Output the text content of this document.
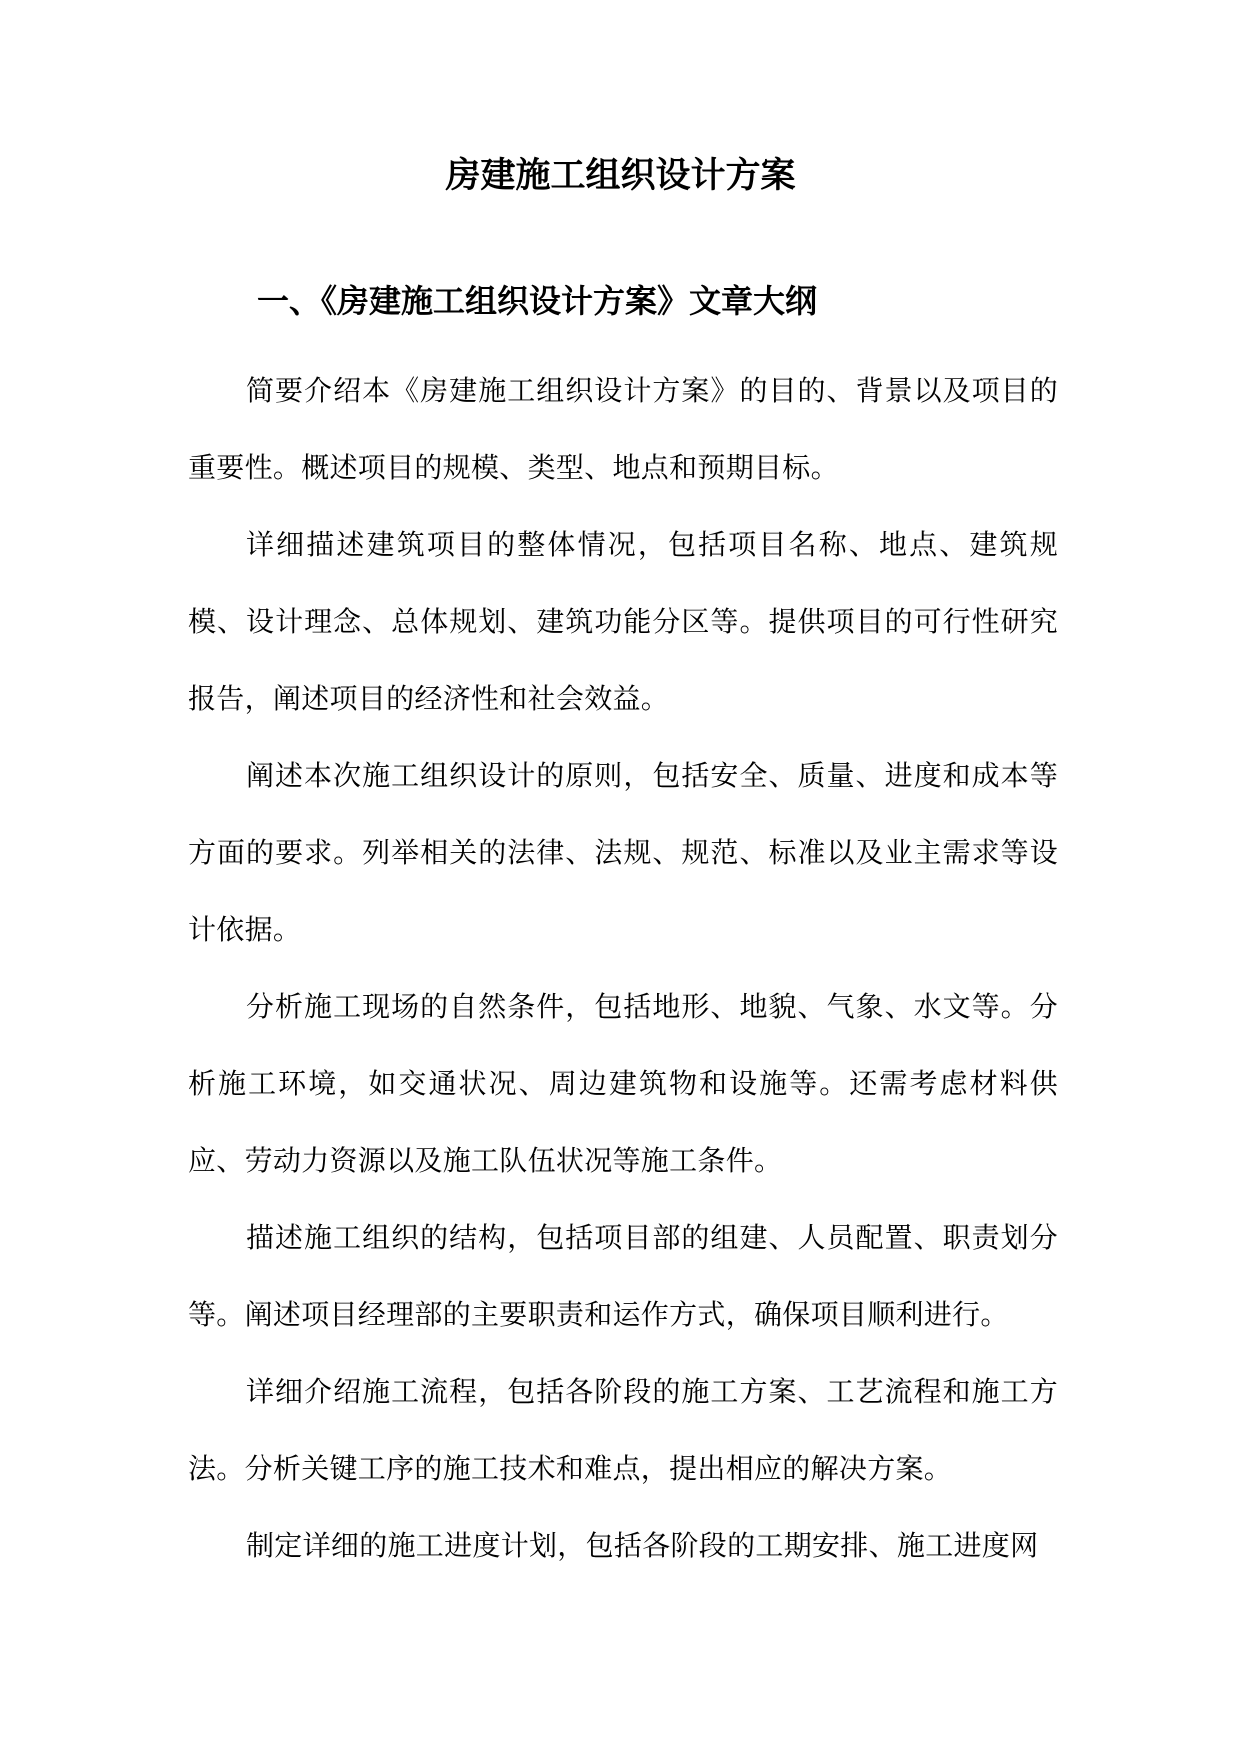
房建施工组织设计方案
一、《房建施工组织设计方案》文章大纲

简要介绍本《房建施工组织设计方案》的目的、背景以及项目的重要性。概述项目的规模、类型、地点和预期目标。

详细描述建筑项目的整体情况，包括项目名称、地点、建筑规模、设计理念、总体规划、建筑功能分区等。提供项目的可行性研究报告，阐述项目的经济性和社会效益。

阐述本次施工组织设计的原则，包括安全、质量、进度和成本等方面的要求。列举相关的法律、法规、规范、标准以及业主需求等设计依据。

分析施工现场的自然条件，包括地形、地貌、气象、水文等。分析施工环境，如交通状况、周边建筑物和设施等。还需考虑材料供应、劳动力资源以及施工队伍状况等施工条件。

描述施工组织的结构，包括项目部的组建、人员配置、职责划分等。阐述项目经理部的主要职责和运作方式，确保项目顺利进行。

详细介绍施工流程，包括各阶段的施工方案、工艺流程和施工方法。分析关键工序的施工技术和难点，提出相应的解决方案。

制定详细的施工进度计划，包括各阶段的工期安排、施工进度网
